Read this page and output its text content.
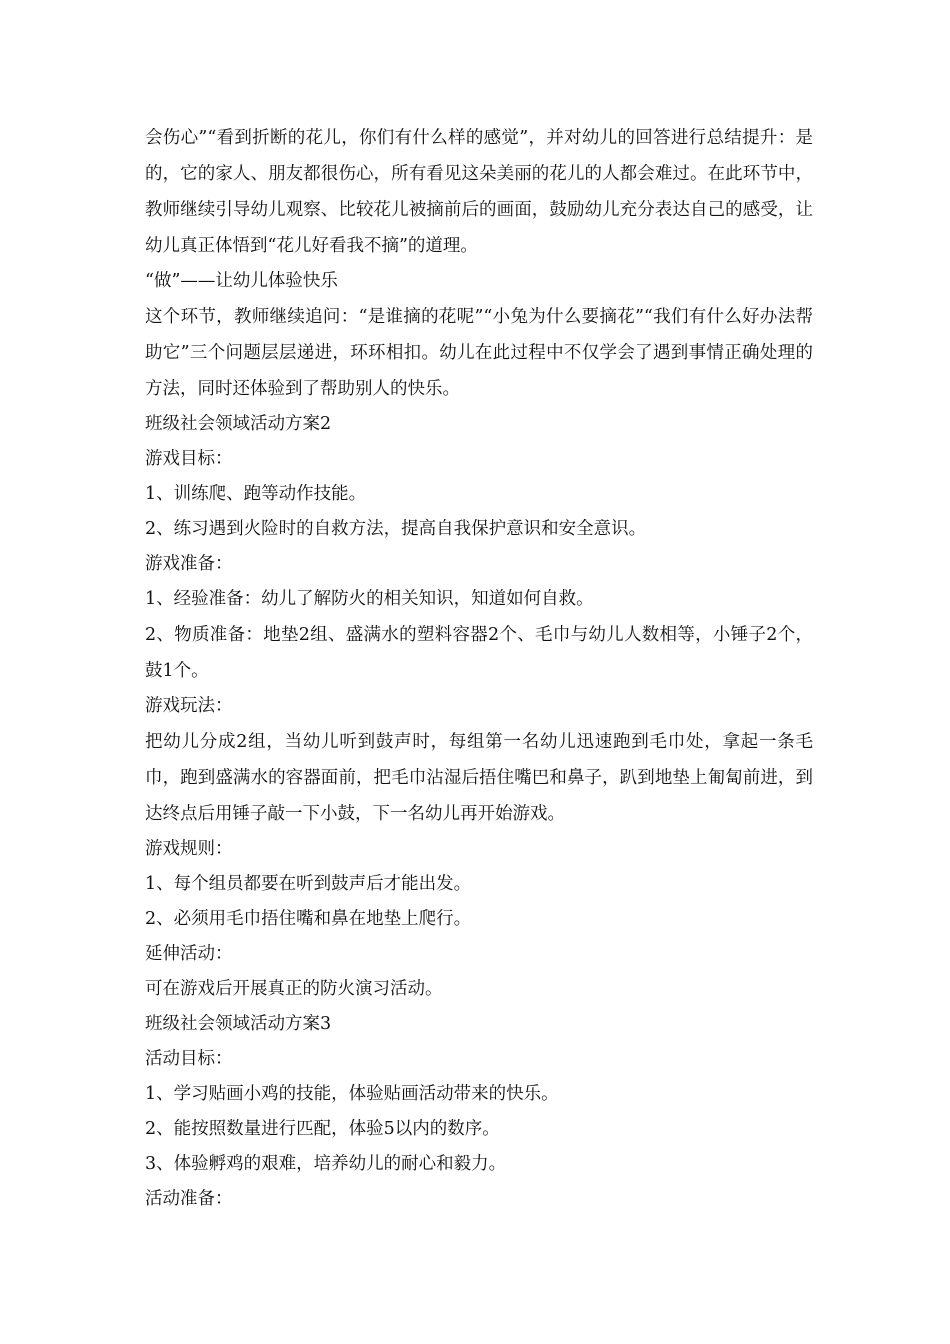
会伤心”“看到折断的花儿，你们有什么样的感觉”，并对幼儿的回答进行总结提升：是的，它的家人、朋友都很伤心，所有看见这朵美丽的花儿的人都会难过。在此环节中，教师继续引导幼儿观察、比较花儿被摘前后的画面，鼓励幼儿充分表达自己的感受，让幼儿真正体悟到“花儿好看我不摘”的道理。

“做”——让幼儿体验快乐

这个环节，教师继续追问：“是谁摘的花呢”“小兔为什么要摘花”“我们有什么好办法帮助它”三个问题层层递进，环环相扣。幼儿在此过程中不仅学会了遇到事情正确处理的方法，同时还体验到了帮助别人的快乐。

班级社会领域活动方案2

游戏目标：

1、训练爬、跑等动作技能。

2、练习遇到火险时的自救方法，提高自我保护意识和安全意识。

游戏准备：

1、经验准备：幼儿了解防火的相关知识，知道如何自救。

2、物质准备：地垫2组、盛满水的塑料容器2个、毛巾与幼儿人数相等，小锤子2个，鼓1个。

游戏玩法：

把幼儿分成2组，当幼儿听到鼓声时，每组第一名幼儿迅速跑到毛巾处，拿起一条毛巾，跑到盛满水的容器面前，把毛巾沾湿后捂住嘴巴和鼻子，趴到地垫上匍匐前进，到达终点后用锤子敲一下小鼓，下一名幼儿再开始游戏。

游戏规则：

1、每个组员都要在听到鼓声后才能出发。

2、必须用毛巾捂住嘴和鼻在地垫上爬行。

延伸活动：

可在游戏后开展真正的防火演习活动。

班级社会领域活动方案3

活动目标：

1、学习贴画小鸡的技能，体验贴画活动带来的快乐。

2、能按照数量进行匹配，体验5以内的数序。

3、体验孵鸡的艰难，培养幼儿的耐心和毅力。

活动准备：
